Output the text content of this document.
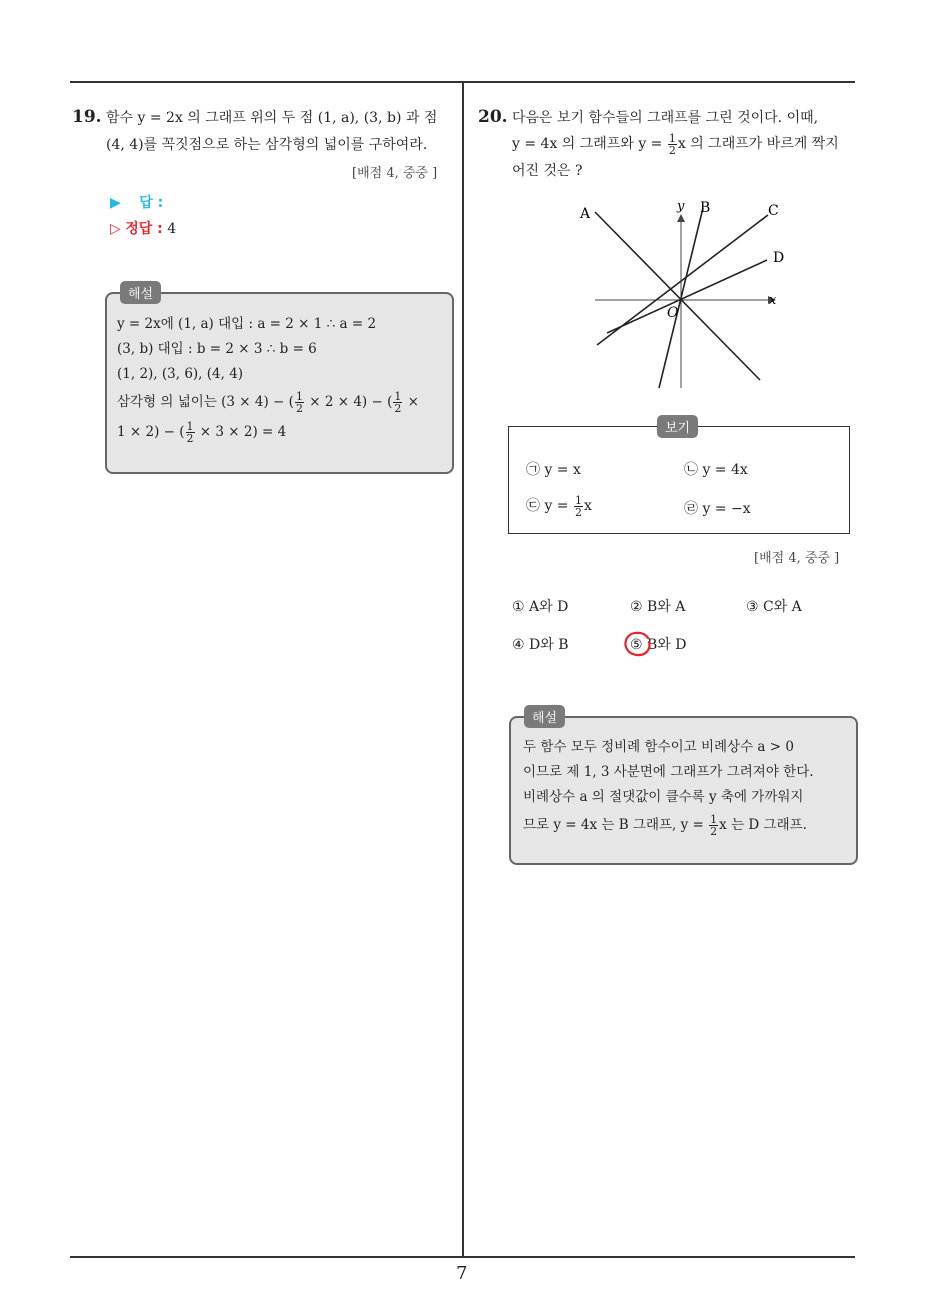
7
19. 함수 y = 2x 의 그래프 위의 두 점 (1, a), (3, b) 과 점
(4, 4)를 꼭짓점으로 하는 삼각형의 넓이를 구하여라.
[배점 4, 중중 ]
▶ 답 :
▷ 정답 : 4
해설
y = 2x에 (1, a) 대입 : a = 2 × 1 ∴ a = 2
(3, b) 대입 : b = 2 × 3 ∴ b = 6
(1, 2), (3, 6), (4, 4)
삼각형 의 넓이는 (3 × 4) − ( $\frac{1}{2} \times 2 \times 4$) − ( $\frac{1}{2}$ ×
1 × 2) − ( $\frac{1}{2} \times 3 \times 2) = 4$
20. 다음은 보기 함수들의 그래프를 그린 것이다. 이때,
y = 4x 의 그래프와 $y = \frac{1}{2}$ x 의 그래프가 바르게 짝지
어진 것은 ?
A	B	C
D
y
x
O
보기
㉠ y = x	㉡ y = 4x
㉢ $y = \frac{1}{2}$ x	㉣ y = −x
[배점 4, 중중 ]
① A와 D	② B와 A	③ C와 A
④ D와 B	⑤ B와 D
해설
두 함수 모두 정비례 함수이고 비례상수 a > 0
이므로 제 1, 3 사분면에 그래프가 그려져야 한다.
비례상수 a 의 절댓값이 클수록 y 축에 가까워지
므로 y = 4x 는 B 그래프, $y = \frac{1}{2}$ x 는 D 그래프.
